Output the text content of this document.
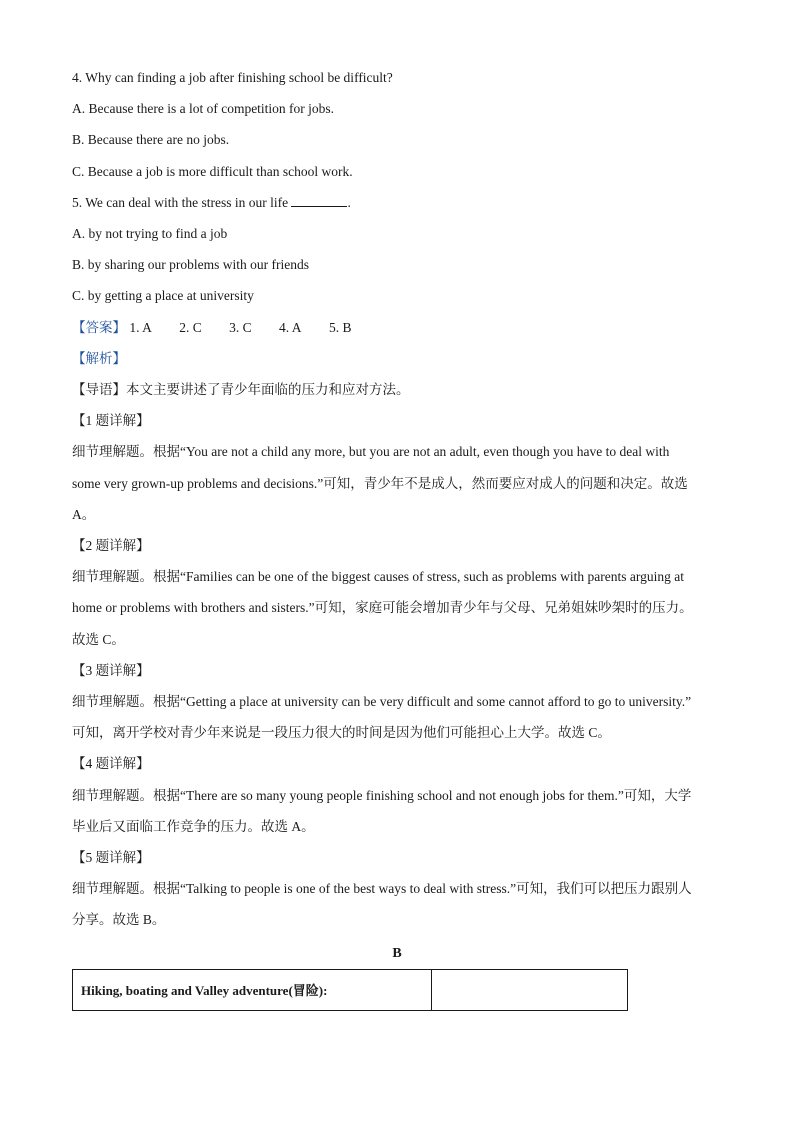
4. Why can finding a job after finishing school be difficult?
A. Because there is a lot of competition for jobs.
B. Because there are no jobs.
C. Because a job is more difficult than school work.
5. We can deal with the stress in our life	.
A. by not trying to find a job
B. by sharing our problems with our friends
C. by getting a place at university
【答案】 1. A 2. C 3. C 4. A 5. B
【解析】
【导语】本文主要讲述了青少年面临的压力和应对方法。
【1 题详解】
细节理解题。根据“You are not a child any more, but you are not an adult, even though you have to deal with
some very grown-up problems and decisions.”可知，青少年不是成人，然而要应对成人的问题和决定。故选
A。
【2 题详解】
细节理解题。根据“Families can be one of the biggest causes of stress, such as problems with parents arguing at
home or problems with brothers and sisters.”可知，家庭可能会增加青少年与父母、兄弟姐妹吵架时的压力。
故选 C。
【3 题详解】
细节理解题。根据“Getting a place at university can be very difficult and some cannot afford to go to university.”
可知，离开学校对青少年来说是一段压力很大的时间是因为他们可能担心上大学。故选 C。
【4 题详解】
细节理解题。根据“There are so many young people finishing school and not enough jobs for them.”可知，大学
毕业后又面临工作竞争的压力。故选 A。
【5 题详解】
细节理解题。根据“Talking to people is one of the best ways to deal with stress.”可知，我们可以把压力跟别人
分享。故选 B。
B
Hiking, boating and Valley adventure(冒险):	
